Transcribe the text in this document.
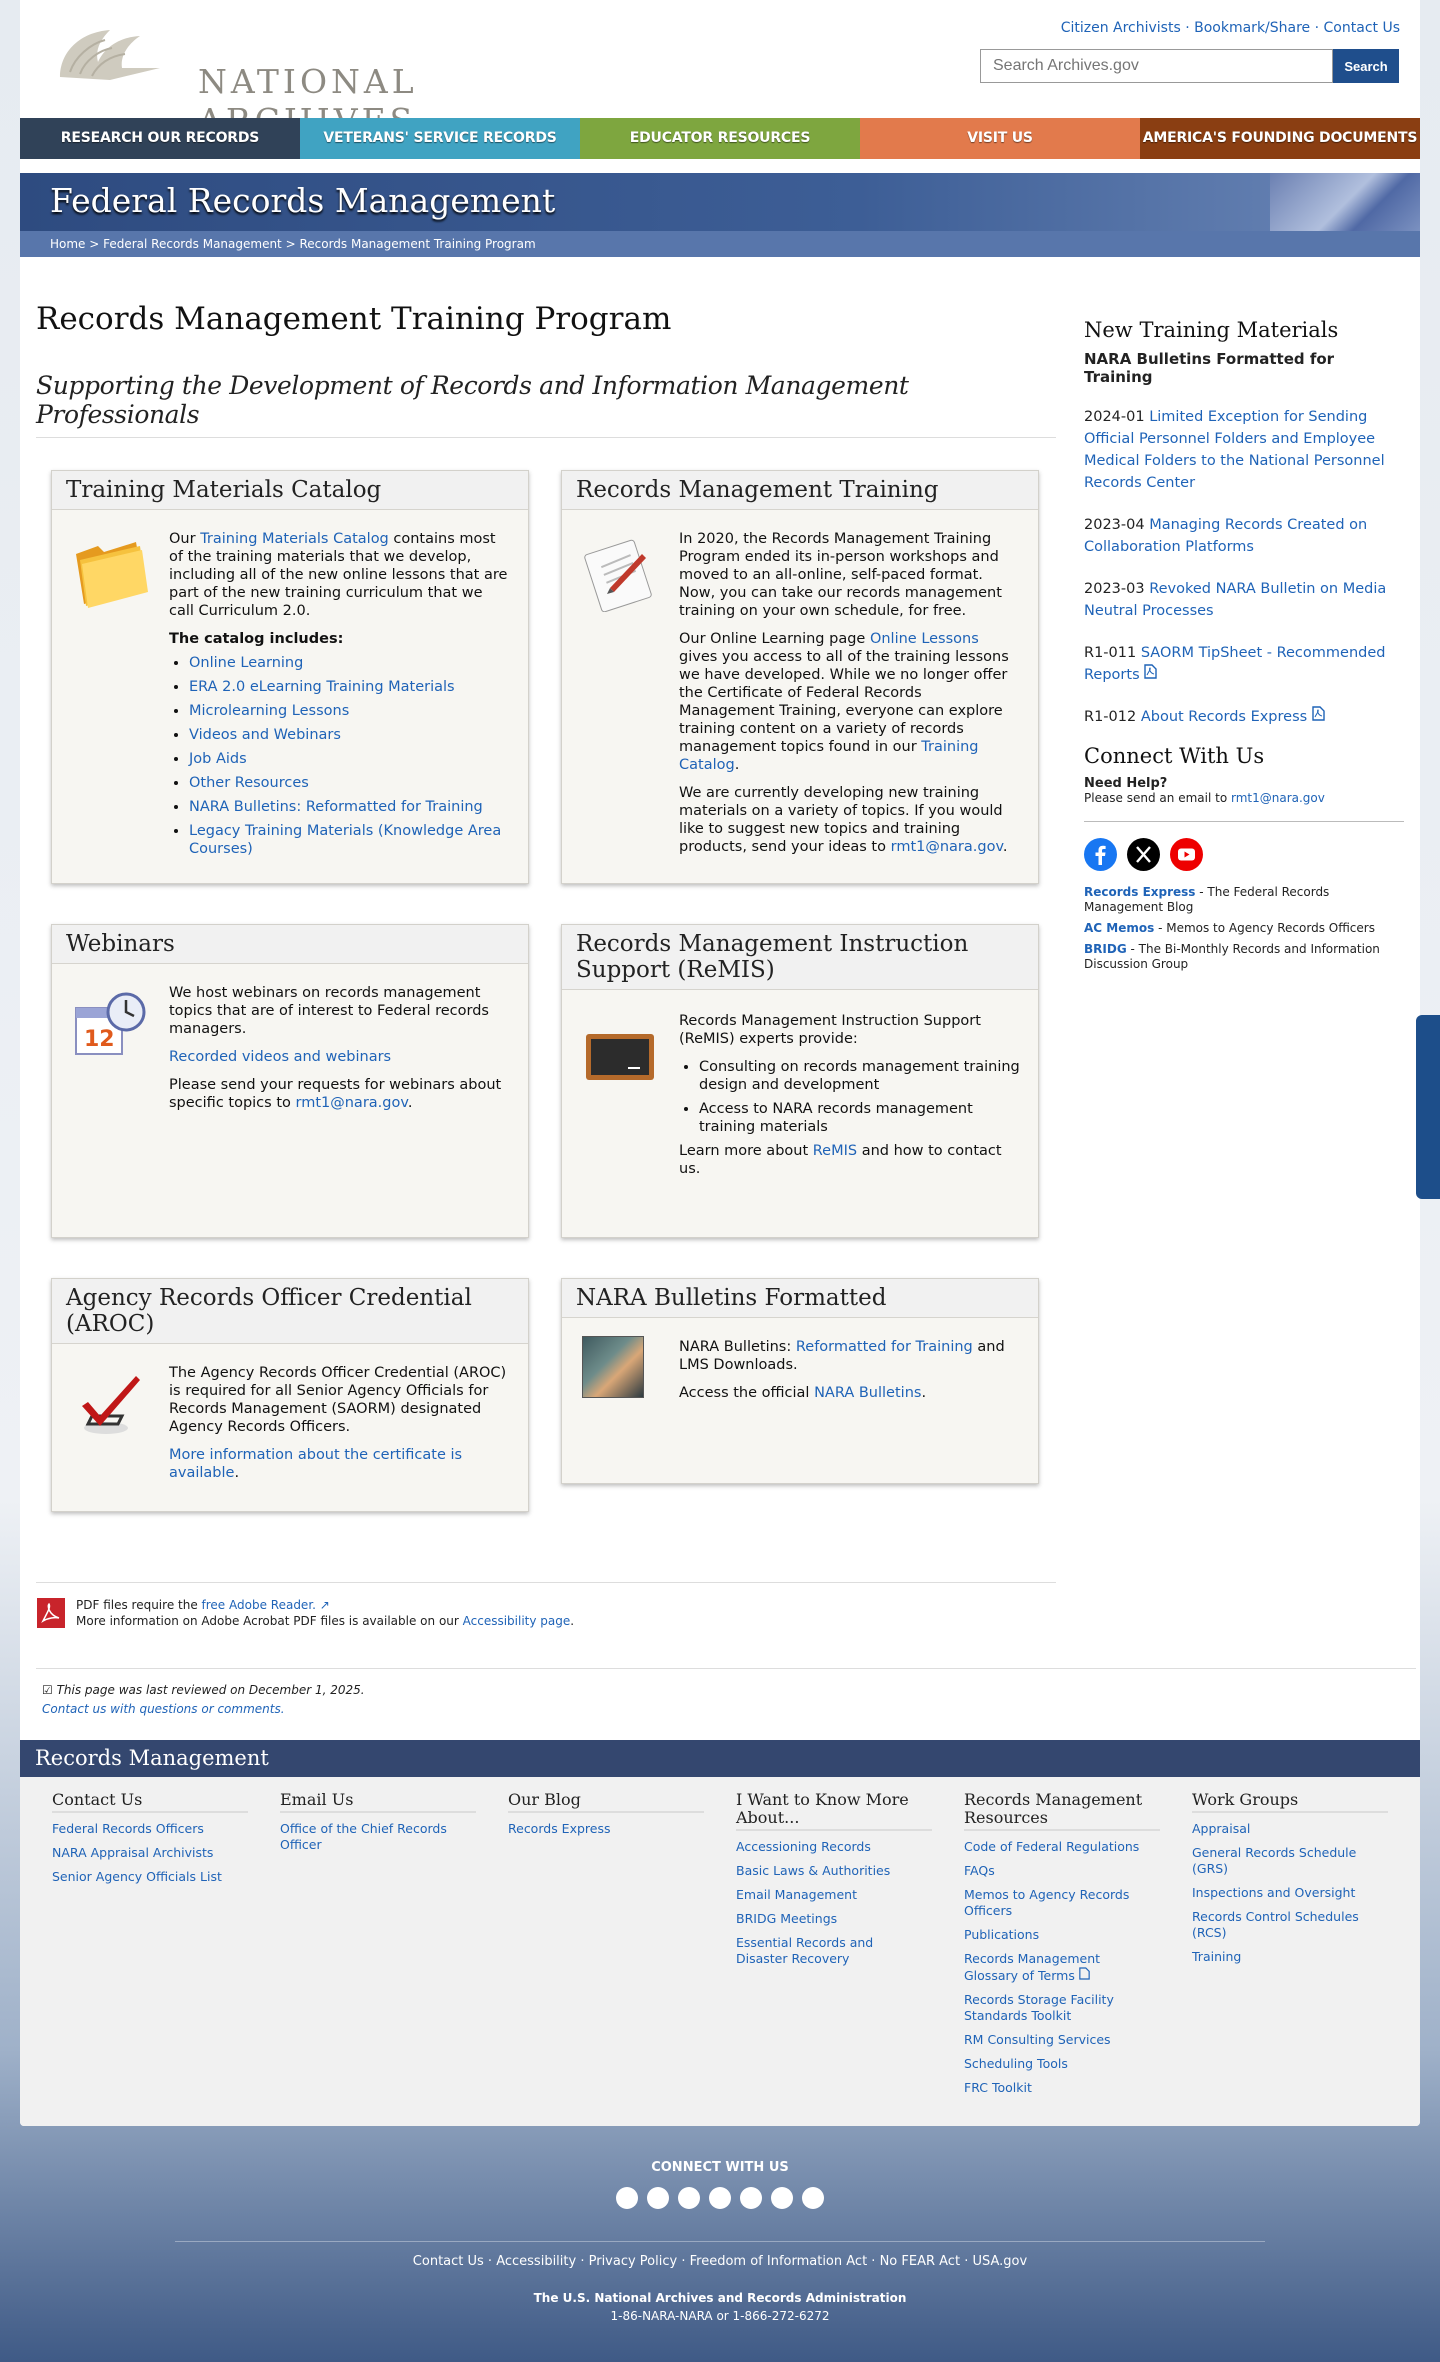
NATIONAL
Citizen Archivists · Bookmark/Share · Contact Us
Search Archives.gov
Search
RESEARCH OUR RECORDS	VETERANS' SERVICE RECORDS	EDUCATOR RESOURCES	VISIT US	AMERICA'S FOUNDING DOCUMENTS
Federal Records Management
Home > Federal Records Management > Records Management Training Program
Records Management Training Program
Supporting the Development of Records and Information Management Professionals
Training Materials Catalog

Our Training Materials Catalog contains most of the training materials that we develop, including all of the new online lessons that are part of the new training curriculum that we call Curriculum 2.0.

The catalog includes:

• Online Learning
• ERA 2.0 eLearning Training Materials
• Microlearning Lessons
• Videos and Webinars
• Job Aids
• Other Resources
• NARA Bulletins: Reformatted for Training
• Legacy Training Materials (Knowledge Area Courses)
Records Management Training

In 2020, the Records Management Training Program ended its in-person workshops and moved to an all-online, self-paced format. Now, you can take our records management training on your own schedule, for free.

Our Online Learning page Online Lessons gives you access to all of the training lessons we have developed. While we no longer offer the Certificate of Federal Records Management Training, everyone can explore training content on a variety of records management topics found in our Training Catalog.

We are currently developing new training materials on a variety of topics. If you would like to suggest new topics and training products, send your ideas to rmt1@nara.gov.

Webinars
12

We host webinars on records management topics that are of interest to Federal records managers.

Recorded videos and webinars

Please send your requests for webinars about specific topics to rmt1@nara.gov.

Records Management Instruction Support (ReMIS)

Records Management Instruction Support (ReMIS) experts provide:

• Consulting on records management training design and development
• Access to NARA records management training materials

Learn more about ReMIS and how to contact us.

Agency Records Officer Credential (AROC)

The Agency Records Officer Credential (AROC) is required for all Senior Agency Officials for Records Management (SAORM) designated Agency Records Officers.

More information about the certificate is available.

NARA Bulletins Formatted

NARA Bulletins: Reformatted for Training and LMS Downloads.

Access the official NARA Bulletins.

New Training Materials
NARA Bulletins Formatted for Training
2024-01 Limited Exception for Sending Official Personnel Folders and Employee Medical Folders to the National Personnel Records Center
2023-04 Managing Records Created on Collaboration Platforms
2023-03 Revoked NARA Bulletin on Media Neutral Processes
R1-011 SAORM TipSheet - Recommended Reports
R1-012 About Records Express
Connect With Us
Need Help?
Please send an email to rmt1@nara.gov
Records Express - The Federal Records Management Blog
AC Memos - Memos to Agency Records Officers
BRIDG - The Bi-Monthly Records and Information Discussion Group
PDF files require the free Adobe Reader. ↗
More information on Adobe Acrobat PDF files is available on our Accessibility page.
☑ This page was last reviewed on December 1, 2025.
Contact us with questions or comments.
Records Management
Contact Us
Federal Records Officers
NARA Appraisal Archivists
Senior Agency Officials List
Email Us
Office of the Chief Records Officer
Our Blog
Records Express
I Want to Know More About...
Accessioning Records
Basic Laws & Authorities
Email Management
BRIDG Meetings
Essential Records and Disaster Recovery
Records Management Resources
Code of Federal Regulations
FAQs
Memos to Agency Records Officers
Publications
Records Management Glossary of Terms
Records Storage Facility Standards Toolkit
RM Consulting Services
Scheduling Tools
FRC Toolkit
Work Groups
Appraisal
General Records Schedule (GRS)
Inspections and Oversight
Records Control Schedules (RCS)
Training
CONNECT WITH US
Contact Us · Accessibility · Privacy Policy · Freedom of Information Act · No FEAR Act · USA.gov
The U.S. National Archives and Records Administration
1-86-NARA-NARA or 1-866-272-6272
